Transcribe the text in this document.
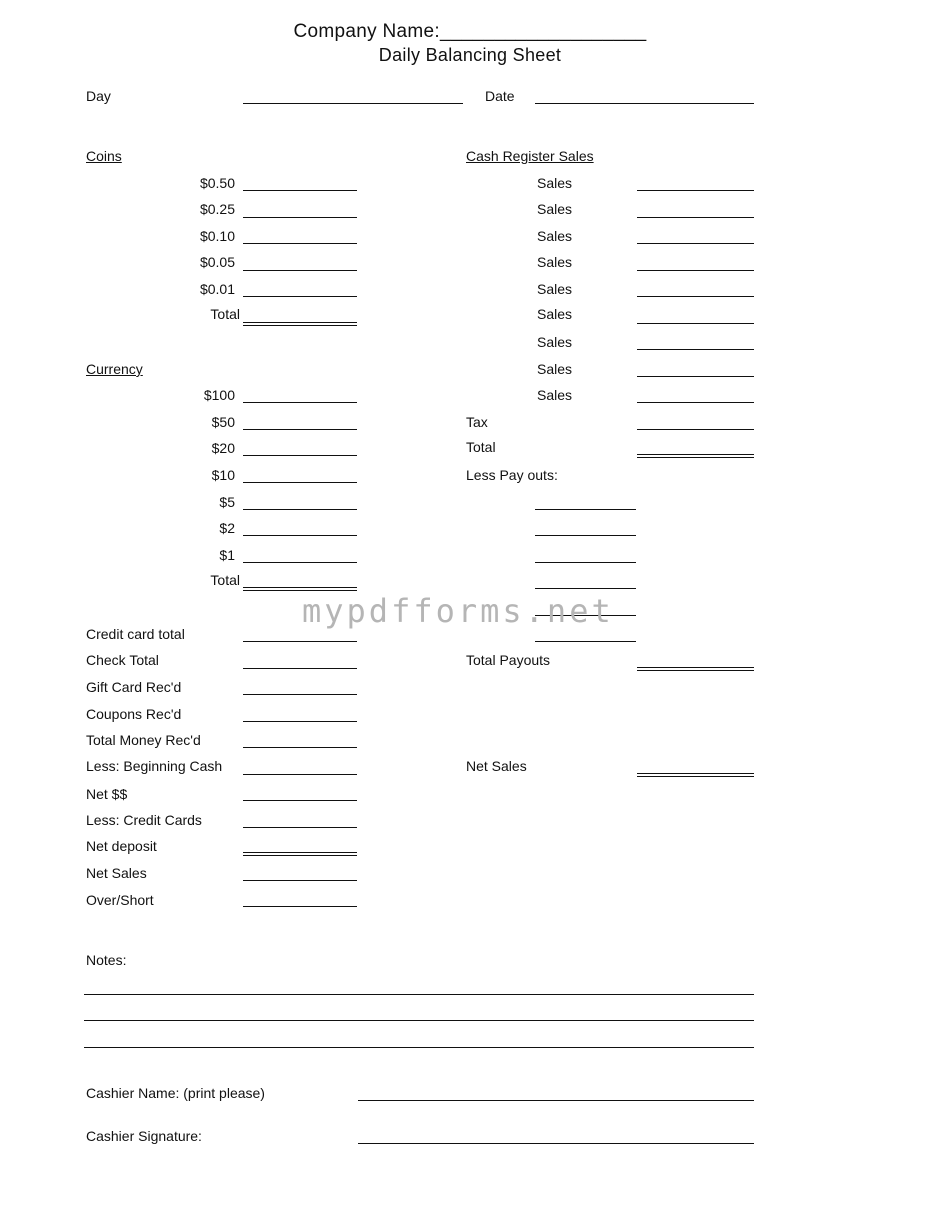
Company Name:___________________
Daily Balancing Sheet
Day	Date
Coins
$0.50
$0.25
$0.10
$0.05
$0.01
Total
Currency
$100
$50
$20
$10
$5
$2
$1
Total
Cash Register Sales
Sales
Sales
Sales
Sales
Sales
Sales
Sales
Sales
Sales
Tax
Total
Less Pay outs:
Total Payouts
Net Sales
Credit card total
Check Total
Gift Card Rec'd
Coupons Rec'd
Total Money Rec'd
Less: Beginning Cash
Net $$
Less: Credit Cards
Net deposit
Net Sales
Over/Short
Notes:
Cashier Name: (print please)
Cashier Signature:
mypdfforms.net
